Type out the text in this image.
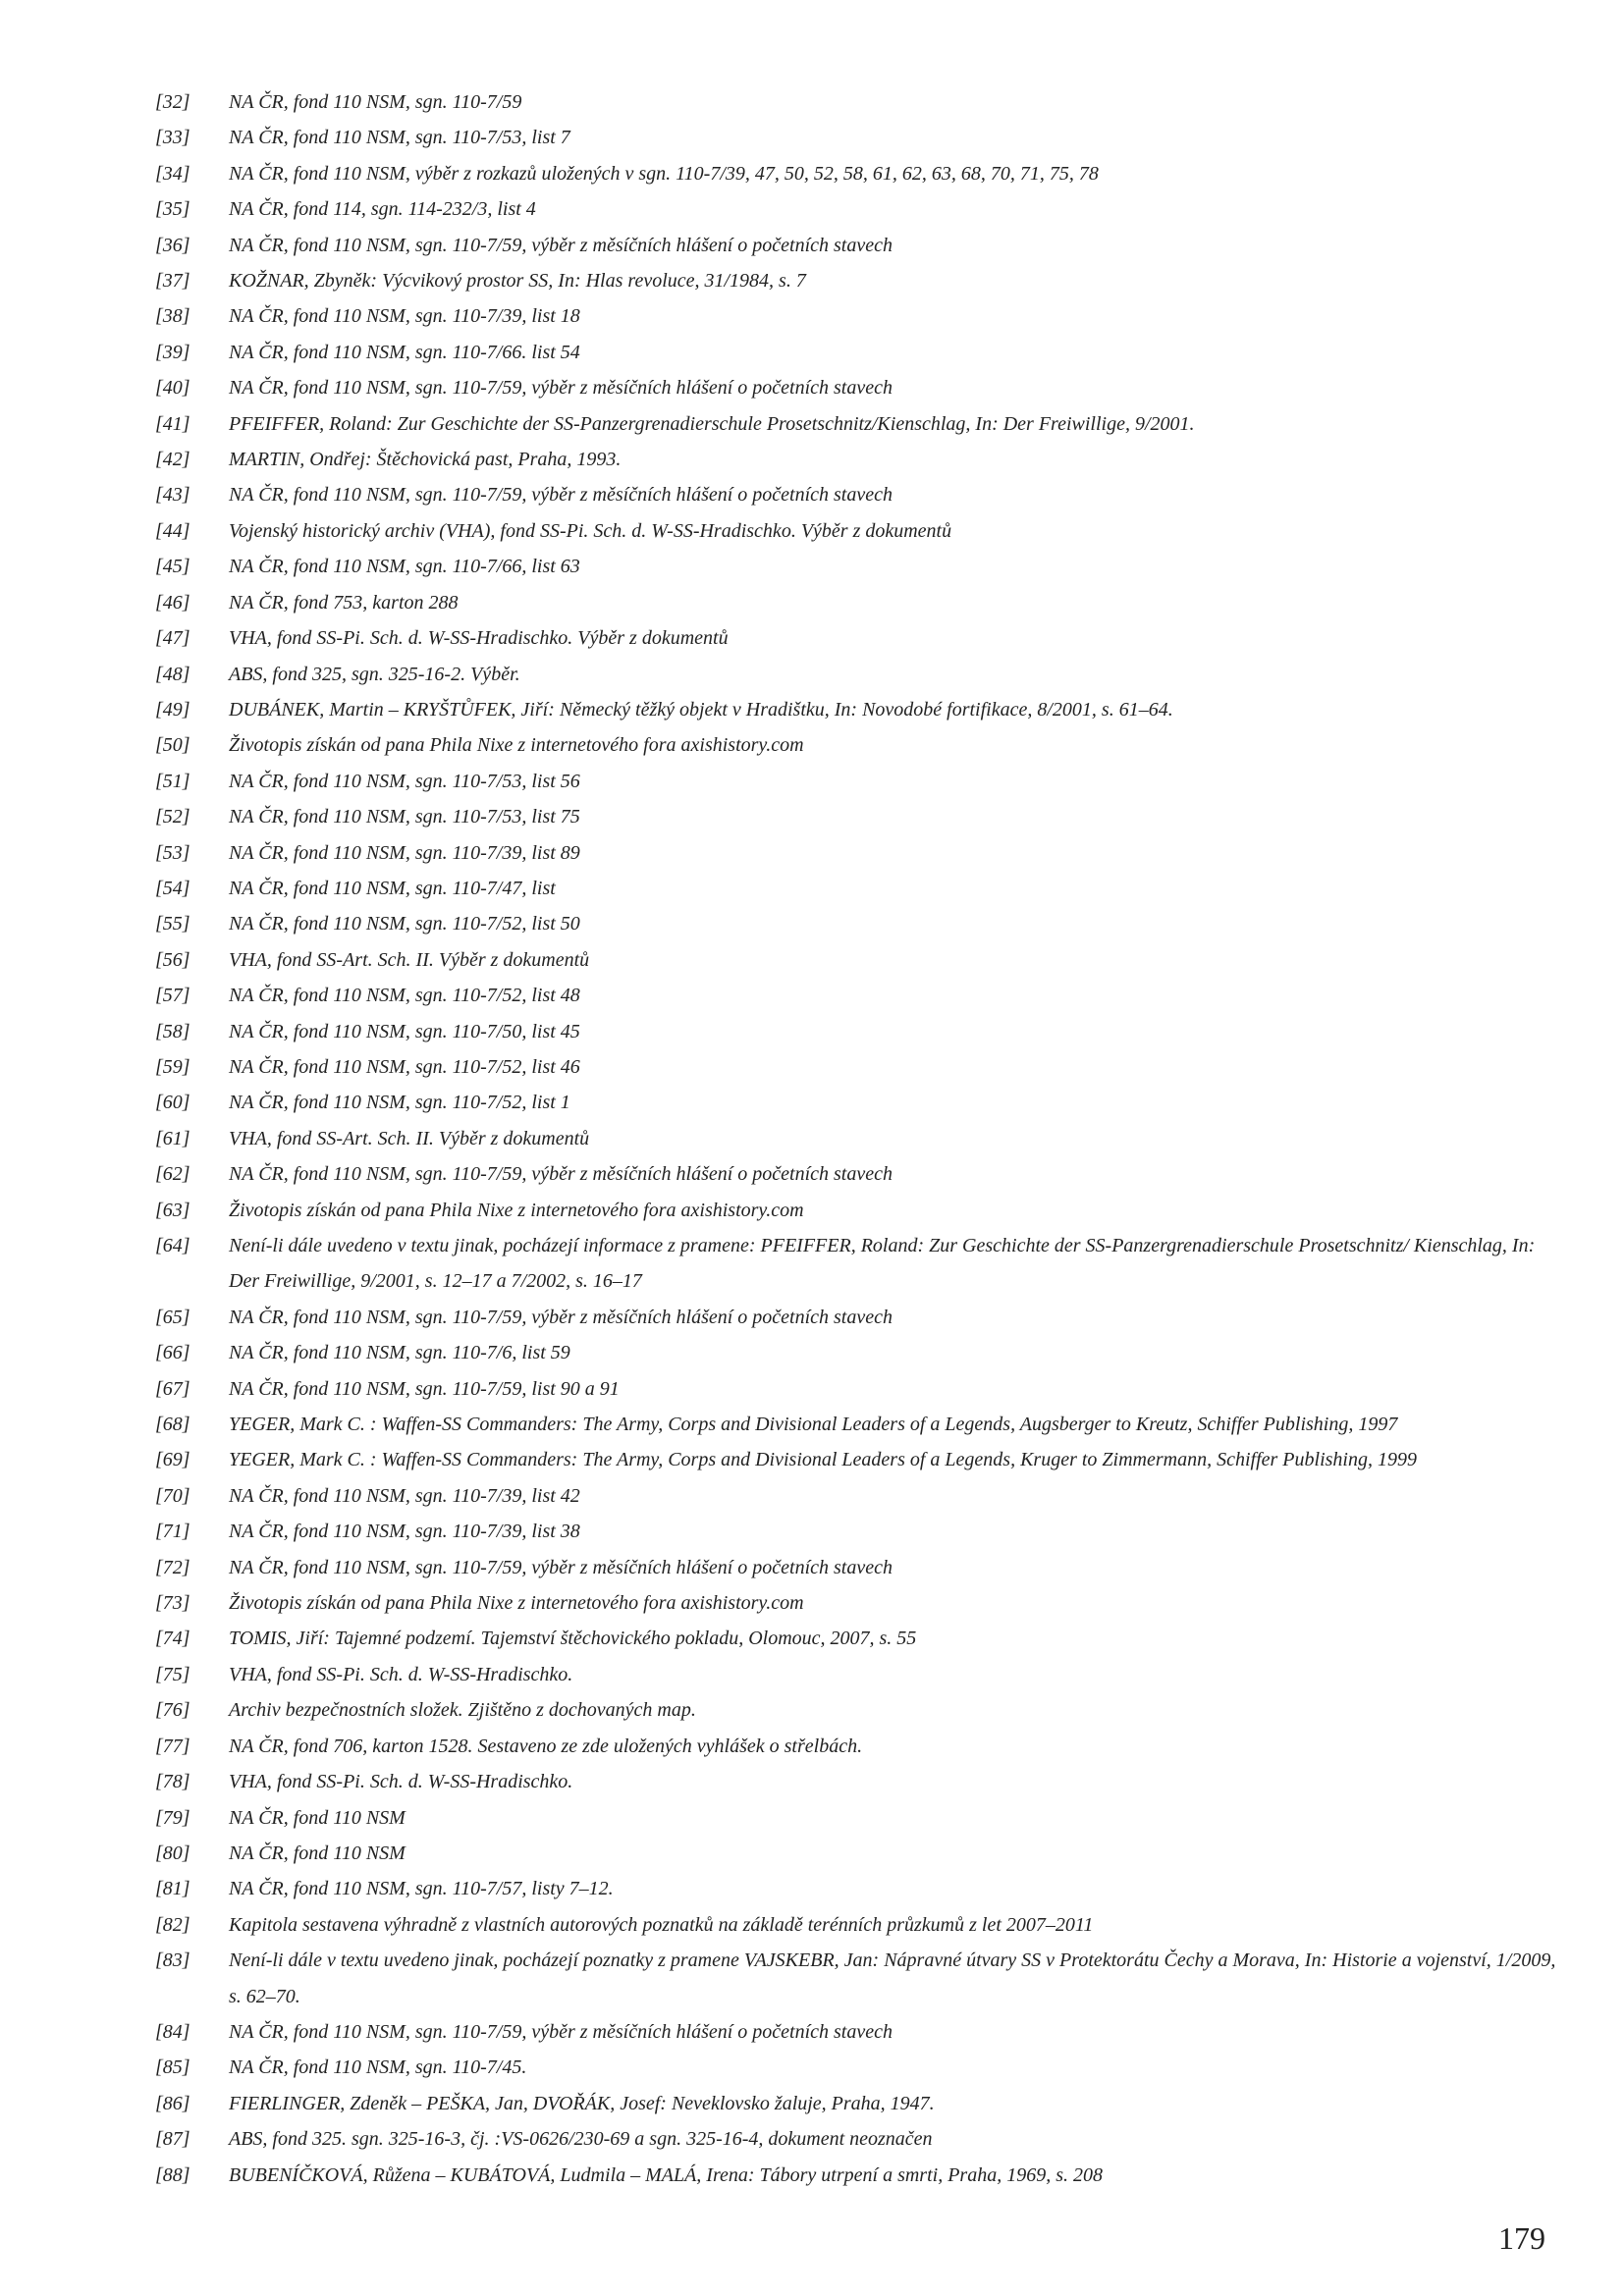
[32]	NA ČR, fond 110 NSM, sgn. 110-7/59
[33]	NA ČR, fond 110 NSM, sgn. 110-7/53, list 7
[34]	NA ČR, fond 110 NSM, výběr z rozkazů uložených v sgn. 110-7/39, 47, 50, 52, 58, 61, 62, 63, 68, 70, 71, 75, 78
[35]	NA ČR, fond 114, sgn. 114-232/3, list 4
[36]	NA ČR, fond 110 NSM, sgn. 110-7/59, výběr z měsíčních hlášení o početních stavech
[37]	KOŽNAR, Zbyněk: Výcvikový prostor SS, In: Hlas revoluce, 31/1984, s. 7
[38]	NA ČR, fond 110 NSM, sgn. 110-7/39, list 18
[39]	NA ČR, fond 110 NSM, sgn. 110-7/66. list 54
[40]	NA ČR, fond 110 NSM, sgn. 110-7/59, výběr z měsíčních hlášení o početních stavech
[41]	PFEIFFER, Roland: Zur Geschichte der SS-Panzergrenadierschule Prosetschnitz/Kienschlag, In: Der Freiwillige, 9/2001.
[42]	MARTIN, Ondřej: Štěchovická past, Praha, 1993.
[43]	NA ČR, fond 110 NSM, sgn. 110-7/59, výběr z měsíčních hlášení o početních stavech
[44]	Vojenský historický archiv (VHA), fond SS-Pi. Sch. d. W-SS-Hradischko. Výběr z dokumentů
[45]	NA ČR, fond 110 NSM, sgn. 110-7/66, list 63
[46]	NA ČR, fond 753, karton 288
[47]	VHA, fond SS-Pi. Sch. d. W-SS-Hradischko. Výběr z dokumentů
[48]	ABS, fond 325, sgn. 325-16-2. Výběr.
[49]	DUBÁNEK, Martin – KRYŠTŮFEK, Jiří: Německý těžký objekt v Hradištku, In: Novodobé fortifikace, 8/2001, s. 61–64.
[50]	Životopis získán od pana Phila Nixe z internetového fora axishistory.com
[51]	NA ČR, fond 110 NSM, sgn. 110-7/53, list 56
[52]	NA ČR, fond 110 NSM, sgn. 110-7/53, list 75
[53]	NA ČR, fond 110 NSM, sgn. 110-7/39, list 89
[54]	NA ČR, fond 110 NSM, sgn. 110-7/47, list
[55]	NA ČR, fond 110 NSM, sgn. 110-7/52, list 50
[56]	VHA, fond SS-Art. Sch. II. Výběr z dokumentů
[57]	NA ČR, fond 110 NSM, sgn. 110-7/52, list 48
[58]	NA ČR, fond 110 NSM, sgn. 110-7/50, list 45
[59]	NA ČR, fond 110 NSM, sgn. 110-7/52, list 46
[60]	NA ČR, fond 110 NSM, sgn. 110-7/52, list 1
[61]	VHA, fond SS-Art. Sch. II. Výběr z dokumentů
[62]	NA ČR, fond 110 NSM, sgn. 110-7/59, výběr z měsíčních hlášení o početních stavech
[63]	Životopis získán od pana Phila Nixe z internetového fora axishistory.com
[64]	Není-li dále uvedeno v textu jinak, pocházejí informace z pramene: PFEIFFER, Roland: Zur Geschichte der SS-Panzergrenadierschule Prosetschnitz/ Kienschlag, In: Der Freiwillige, 9/2001, s. 12–17 a 7/2002, s. 16–17
[65]	NA ČR, fond 110 NSM, sgn. 110-7/59, výběr z měsíčních hlášení o početních stavech
[66]	NA ČR, fond 110 NSM, sgn. 110-7/6, list 59
[67]	NA ČR, fond 110 NSM, sgn. 110-7/59, list 90 a 91
[68]	YEGER, Mark C. : Waffen-SS Commanders: The Army, Corps and Divisional Leaders of a Legends, Augsberger to Kreutz, Schiffer Publishing, 1997
[69]	YEGER, Mark C. : Waffen-SS Commanders: The Army, Corps and Divisional Leaders of a Legends, Kruger to Zimmermann, Schiffer Publishing, 1999
[70]	NA ČR, fond 110 NSM, sgn. 110-7/39, list 42
[71]	NA ČR, fond 110 NSM, sgn. 110-7/39, list 38
[72]	NA ČR, fond 110 NSM, sgn. 110-7/59, výběr z měsíčních hlášení o početních stavech
[73]	Životopis získán od pana Phila Nixe z internetového fora axishistory.com
[74]	TOMIS, Jiří: Tajemné podzemí. Tajemství štěchovického pokladu, Olomouc, 2007, s. 55
[75]	VHA, fond SS-Pi. Sch. d. W-SS-Hradischko.
[76]	Archiv bezpečnostních složek. Zjištěno z dochovaných map.
[77]	NA ČR, fond 706, karton 1528. Sestaveno ze zde uložených vyhlášek o střelbách.
[78]	VHA, fond SS-Pi. Sch. d. W-SS-Hradischko.
[79]	NA ČR, fond 110 NSM
[80]	NA ČR, fond 110 NSM
[81]	NA ČR, fond 110 NSM, sgn. 110-7/57, listy 7–12.
[82]	Kapitola sestavena výhradně z vlastních autorových poznatků na základě terénních průzkumů z let 2007–2011
[83]	Není-li dále v textu uvedeno jinak, pocházejí poznatky z pramene VAJSKEBR, Jan: Nápravné útvary SS v Protektorátu Čechy a Morava, In: Historie a vojenství, 1/2009, s. 62–70.
[84]	NA ČR, fond 110 NSM, sgn. 110-7/59, výběr z měsíčních hlášení o početních stavech
[85]	NA ČR, fond 110 NSM, sgn. 110-7/45.
[86]	FIERLINGER, Zdeněk – PEŠKA, Jan, DVOŘÁK, Josef: Neveklovsko žaluje, Praha, 1947.
[87]	ABS, fond 325. sgn. 325-16-3, čj. :VS-0626/230-69 a sgn. 325-16-4, dokument neoznačen
[88]	BUBENÍČKOVÁ, Růžena – KUBÁTOVÁ, Ludmila – MALÁ, Irena: Tábory utrpení a smrti, Praha, 1969, s. 208
179
